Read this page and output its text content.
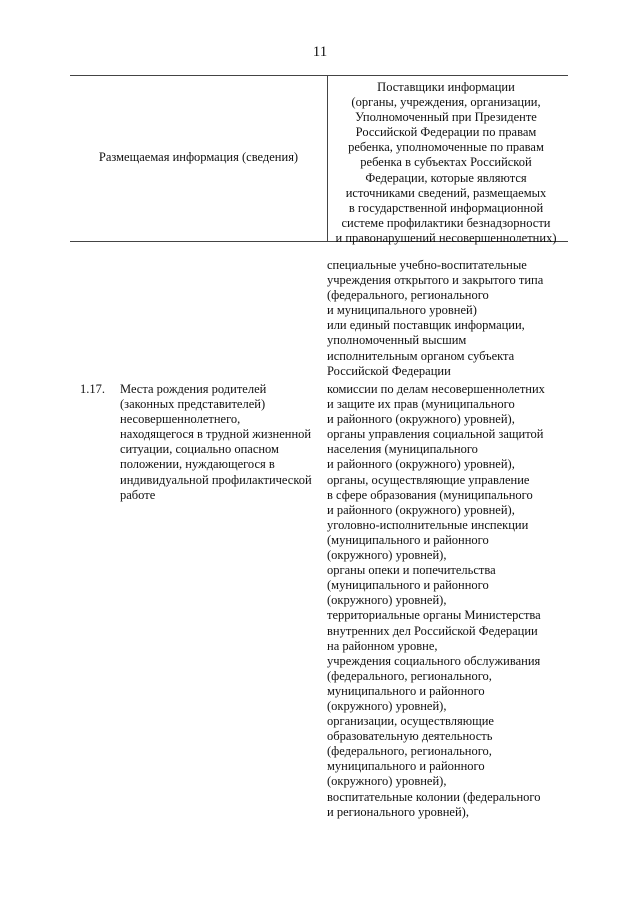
11
Размещаемая информация (сведения)
Поставщики информации
(органы, учреждения, организации,
Уполномоченный при Президенте
Российской Федерации по правам
ребенка, уполномоченные по правам
ребенка в субъектах Российской
Федерации, которые являются
источниками сведений, размещаемых
в государственной информационной
системе профилактики безнадзорности
и правонарушений несовершеннолетних)
специальные учебно-воспитательные
учреждения открытого и закрытого типа
(федерального, регионального
и муниципального уровней)
или единый поставщик информации,
уполномоченный высшим
исполнительным органом субъекта
Российской Федерации
1.17. Места рождения родителей
(законных представителей)
несовершеннолетнего,
находящегося в трудной жизненной
ситуации, социально опасном
положении, нуждающегося в
индивидуальной профилактической
работе
комиссии по делам несовершеннолетних
и защите их прав (муниципального
и районного (окружного) уровней),
органы управления социальной защитой
населения (муниципального
и районного (окружного) уровней),
органы, осуществляющие управление
в сфере образования (муниципального
и районного (окружного) уровней),
уголовно-исполнительные инспекции
(муниципального и районного
(окружного) уровней),
органы опеки и попечительства
(муниципального и районного
(окружного) уровней),
территориальные органы Министерства
внутренних дел Российской Федерации
на районном уровне,
учреждения социального обслуживания
(федерального, регионального,
муниципального и районного
(окружного) уровней),
организации, осуществляющие
образовательную деятельность
(федерального, регионального,
муниципального и районного
(окружного) уровней),
воспитательные колонии (федерального
и регионального уровней),
